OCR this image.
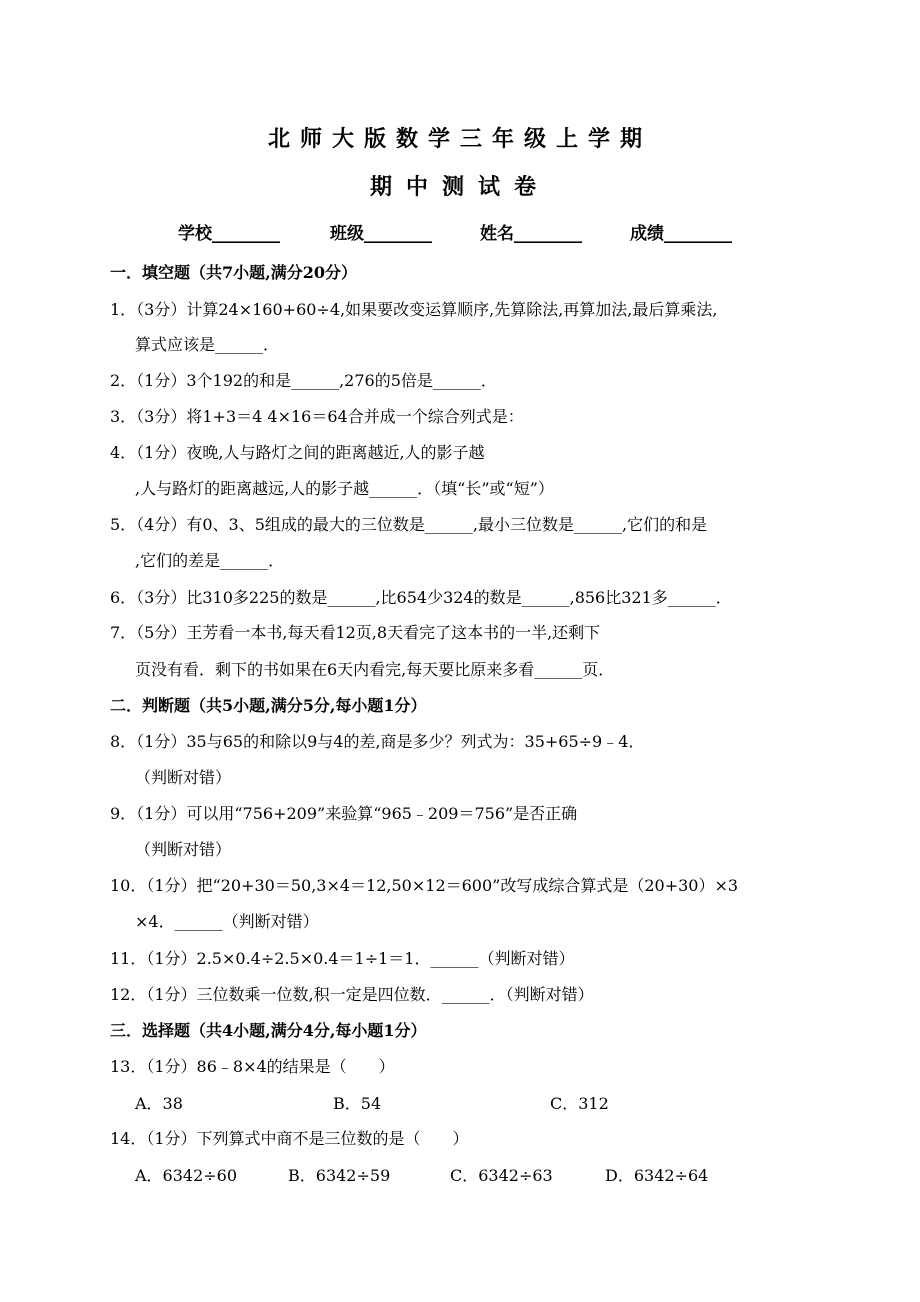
北师大版数学三年级上学期
期中测试卷
学校________	班级________	姓名________	成绩________
一．填空题（共7小题,满分20分）
1．（3分）计算24×160+60÷4,如果要改变运算顺序,先算除法,再算加法,最后算乘法,
算式应该是______．
2．（1分）3个192的和是______,276的5倍是______．
3．（3分）将1+3＝4 4×16＝64合并成一个综合列式是：
4．（1分）夜晚,人与路灯之间的距离越近,人的影子越
,人与路灯的距离越远,人的影子越______．（填“长”或“短”）
5．（4分）有0、3、5组成的最大的三位数是______,最小三位数是______,它们的和是
,它们的差是______．
6．（3分）比310多225的数是______,比654少324的数是______,856比321多______．
7．（5分）王芳看一本书,每天看12页,8天看完了这本书的一半,还剩下
页没有看．剩下的书如果在6天内看完,每天要比原来多看______页．
二．判断题（共5小题,满分5分,每小题1分）
8．（1分）35与65的和除以9与4的差,商是多少？列式为：35+65÷9﹣4．
（判断对错）
9．（1分）可以用“756+209”来验算“965﹣209＝756”是否正确
（判断对错）
10．（1分）把“20+30＝50,3×4＝12,50×12＝600”改写成综合算式是（20+30）×3
×4．______（判断对错）
11．（1分）2.5×0.4÷2.5×0.4＝1÷1＝1．______（判断对错）
12．（1分）三位数乘一位数,积一定是四位数．______．（判断对错）
三．选择题（共4小题,满分4分,每小题1分）
13．（1分）86﹣8×4的结果是（　　）
A．38	B．54	C．312
14．（1分）下列算式中商不是三位数的是（　　）
A．6342÷60	B．6342÷59	C．6342÷63	D．6342÷64
